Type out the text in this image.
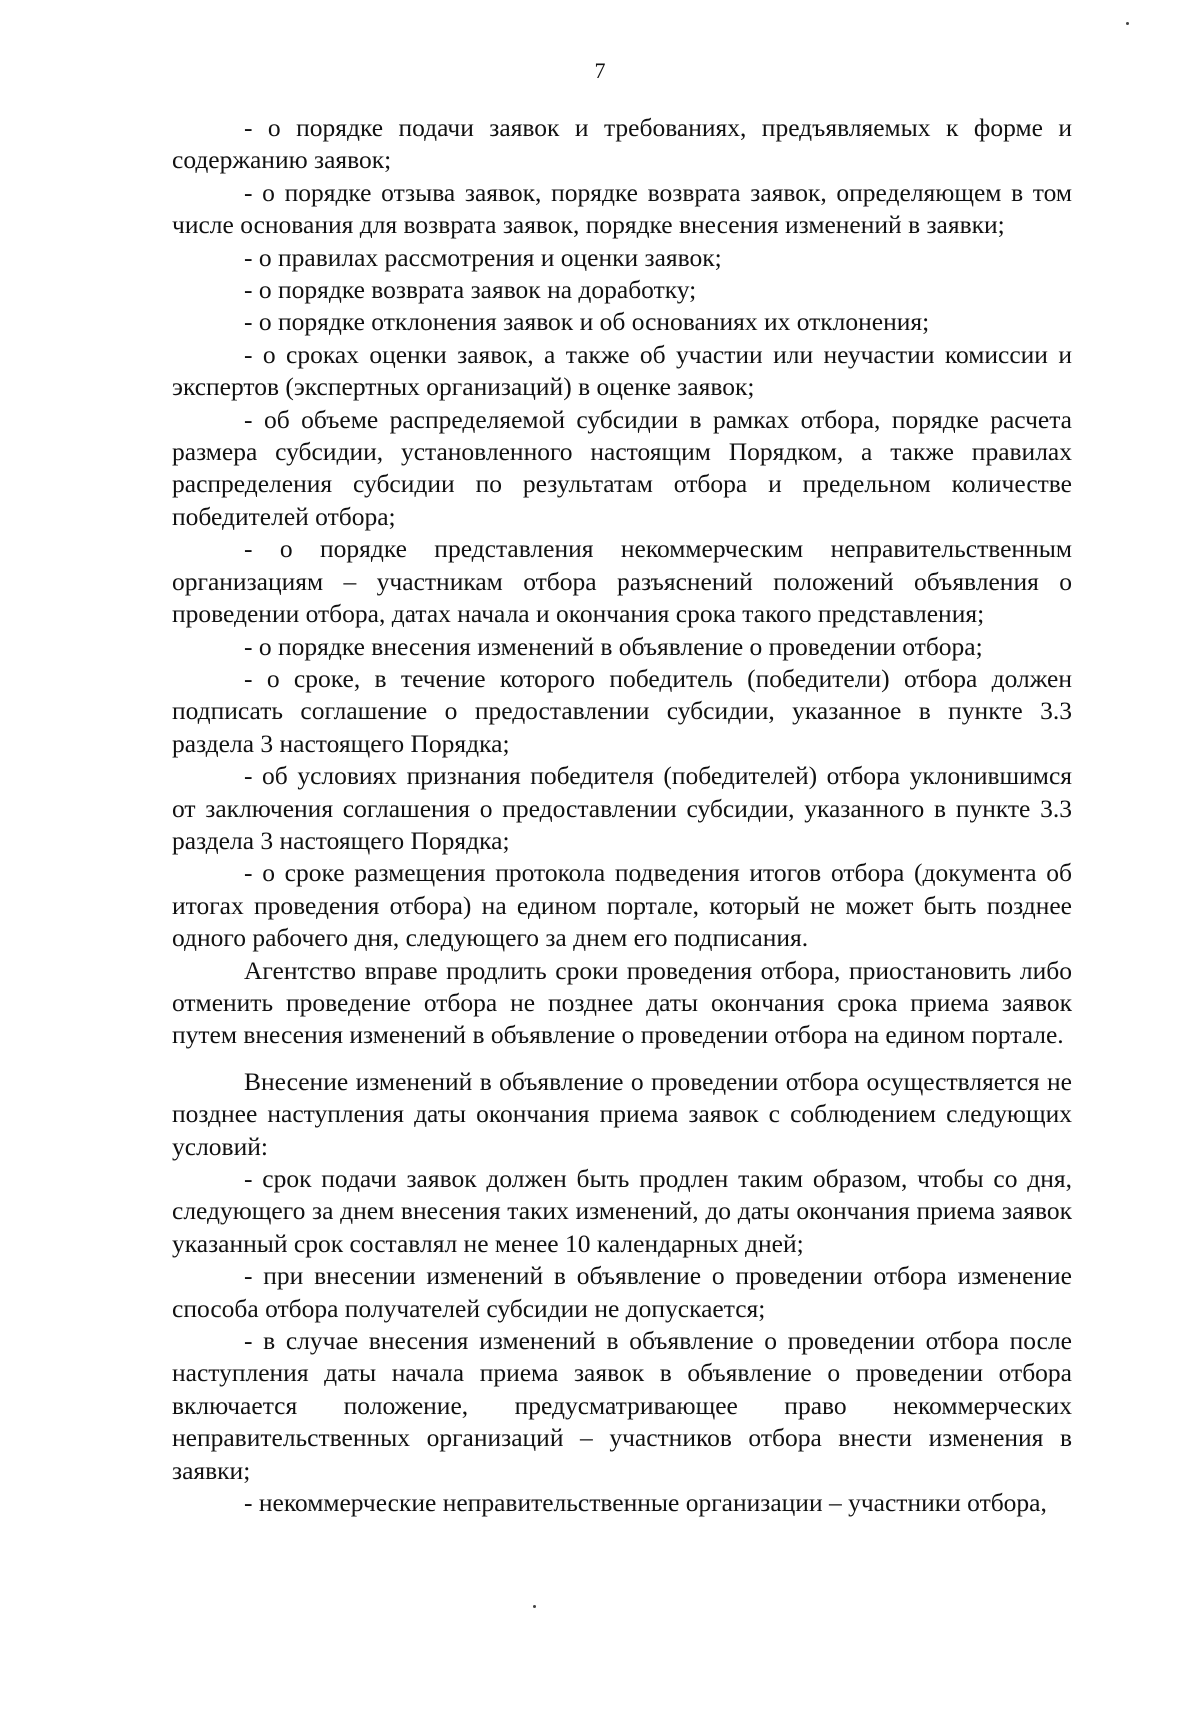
7

- о порядке подачи заявок и требованиях, предъявляемых к форме и содержанию заявок;

- о порядке отзыва заявок, порядке возврата заявок, определяющем в том числе основания для возврата заявок, порядке внесения изменений в заявки;

- о правилах рассмотрения и оценки заявок;

- о порядке возврата заявок на доработку;

- о порядке отклонения заявок и об основаниях их отклонения;

- о сроках оценки заявок, а также об участии или неучастии комиссии и экспертов (экспертных организаций) в оценке заявок;

- об объеме распределяемой субсидии в рамках отбора, порядке расчета размера субсидии, установленного настоящим Порядком, а также правилах распределения субсидии по результатам отбора и предельном количестве победителей отбора;

- о порядке представления некоммерческим неправительственным организациям – участникам отбора разъяснений положений объявления о проведении отбора, датах начала и окончания срока такого представления;

- о порядке внесения изменений в объявление о проведении отбора;

- о сроке, в течение которого победитель (победители) отбора должен подписать соглашение о предоставлении субсидии, указанное в пункте 3.3 раздела 3 настоящего Порядка;

- об условиях признания победителя (победителей) отбора уклонившимся от заключения соглашения о предоставлении субсидии, указанного в пункте 3.3 раздела 3 настоящего Порядка;

- о сроке размещения протокола подведения итогов отбора (документа об итогах проведения отбора) на едином портале, который не может быть позднее одного рабочего дня, следующего за днем его подписания.

Агентство вправе продлить сроки проведения отбора, приостановить либо отменить проведение отбора не позднее даты окончания срока приема заявок путем внесения изменений в объявление о проведении отбора на едином портале.

Внесение изменений в объявление о проведении отбора осуществляется не позднее наступления даты окончания приема заявок с соблюдением следующих условий:

- срок подачи заявок должен быть продлен таким образом, чтобы со дня, следующего за днем внесения таких изменений, до даты окончания приема заявок указанный срок составлял не менее 10 календарных дней;

- при внесении изменений в объявление о проведении отбора изменение способа отбора получателей субсидии не допускается;

- в случае внесения изменений в объявление о проведении отбора после наступления даты начала приема заявок в объявление о проведении отбора включается положение, предусматривающее право некоммерческих неправительственных организаций – участников отбора внести изменения в заявки;

- некоммерческие неправительственные организации – участники отбора,
